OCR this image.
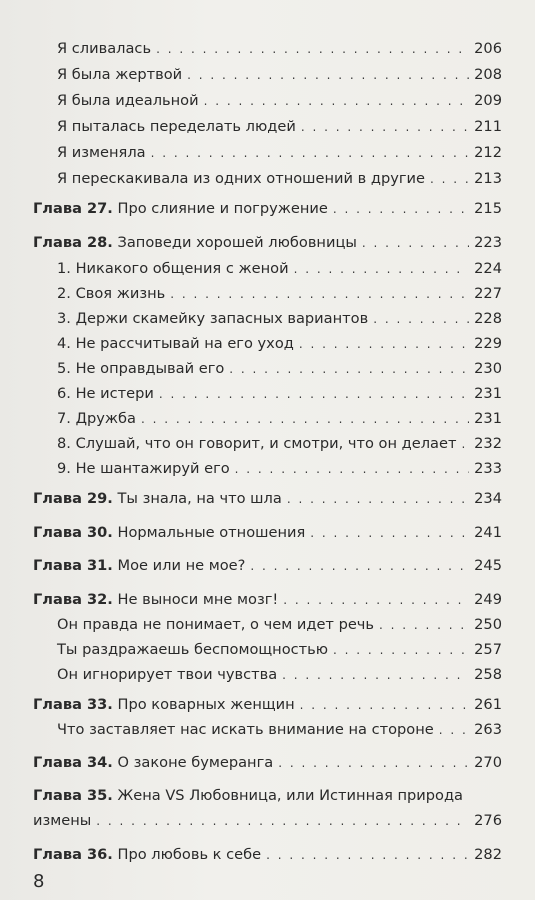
Я сливалась . . .	206
Я была жертвой . . .	208
Я была идеальной . . .	209
Я пыталась переделать людей . . .	211
Я изменяла . . .	212
Я перескакивала из одних отношений в другие . . .	213
Глава 27. Про слияние и погружение . . .	215
Глава 28. Заповеди хорошей любовницы . . .	223
1. Никакого общения с женой . . .	224
2. Своя жизнь . . .	227
3. Держи скамейку запасных вариантов . . .	228
4. Не рассчитывай на его уход . . .	229
5. Не оправдывай его . . .	230
6. Не истери . . .	231
7. Дружба . . .	231
8. Слушай, что он говорит, и смотри, что он делает . . . 232
9. Не шантажируй его . . .	233
Глава 29. Ты знала, на что шла . . .	234
Глава 30. Нормальные отношения . . .	241
Глава 31. Мое или не мое? . . .	245
Глава 32. Не выноси мне мозг! . . .	249
Он правда не понимает, о чем идет речь . . .	250
Ты раздражаешь беспомощностью . . .	257
Он игнорирует твои чувства . . .	258
Глава 33. Про коварных женщин . . .	261
Что заставляет нас искать внимание на стороне . . .	263
Глава 34. О законе бумеранга . . .	270
Глава 35. Жена VS Любовница, или Истинная природа
измены . . .	276
Глава 36. Про любовь к себе . . .	282
8
